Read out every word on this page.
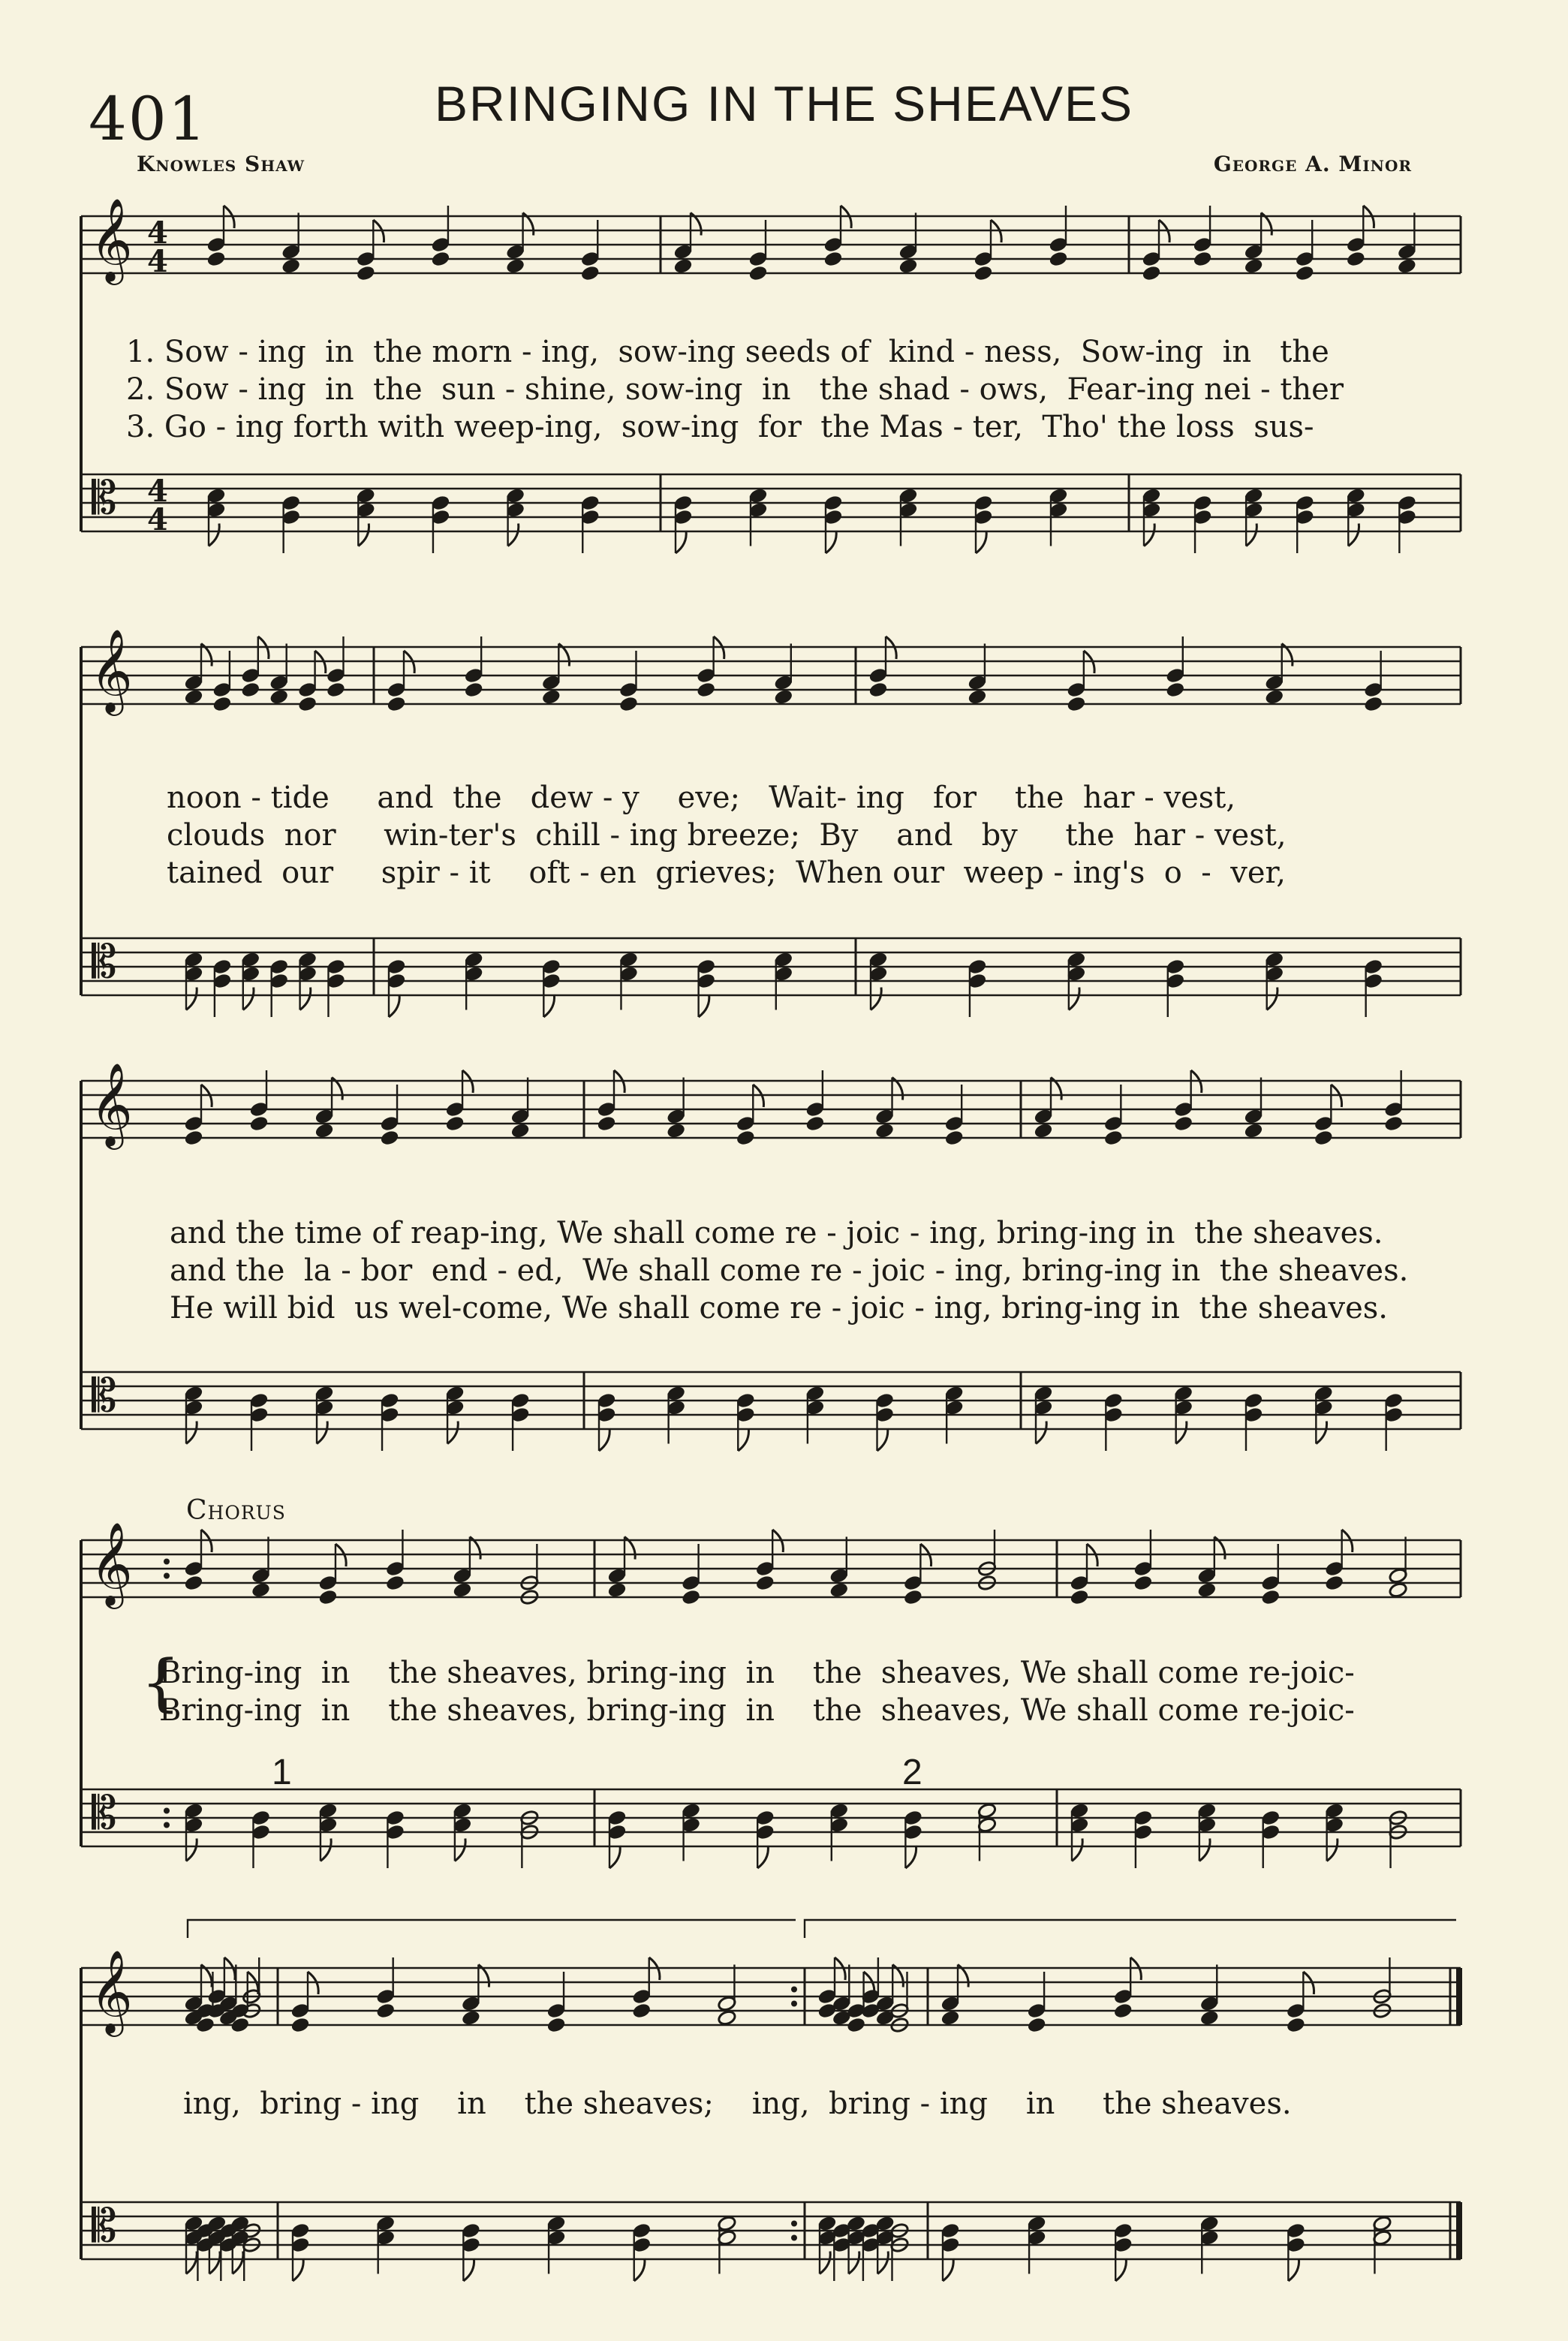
401	BRINGING IN THE SHEAVES
Knowles Shaw	George A. Minor
𝄞
𝄡
4
4
4
4
𝄞
𝄡
𝄞
𝄡
𝄞
𝄡
𝄞
𝄡
1. Sow - ing  in  the morn - ing,  sow-ing seeds of  kind - ness,  Sow-ing  in   the
2. Sow - ing  in  the  sun - shine, sow-ing  in   the shad - ows,  Fear-ing nei - ther
3. Go - ing forth with weep-ing,  sow-ing  for  the Mas - ter,  Tho' the loss  sus-
noon - tide     and  the   dew - y    eve;   Wait- ing   for    the  har - vest,
clouds  nor     win-ter's  chill - ing breeze;  By    and   by     the  har - vest,
tained  our     spir - it    oft - en  grieves;  When our  weep - ing's  o  -  ver,
and the time of reap-ing, We shall come re - joic - ing, bring-ing in  the sheaves.
and the  la - bor  end - ed,  We shall come re - joic - ing, bring-ing in  the sheaves.
He will bid  us wel-come, We shall come re - joic - ing, bring-ing in  the sheaves.
Chorus
{
Bring-ing  in    the sheaves, bring-ing  in    the  sheaves, We shall come re-joic-
Bring-ing  in    the sheaves, bring-ing  in    the  sheaves, We shall come re-joic-
1	2
ing,  bring - ing    in    the sheaves;    ing,  bring - ing    in     the sheaves.
